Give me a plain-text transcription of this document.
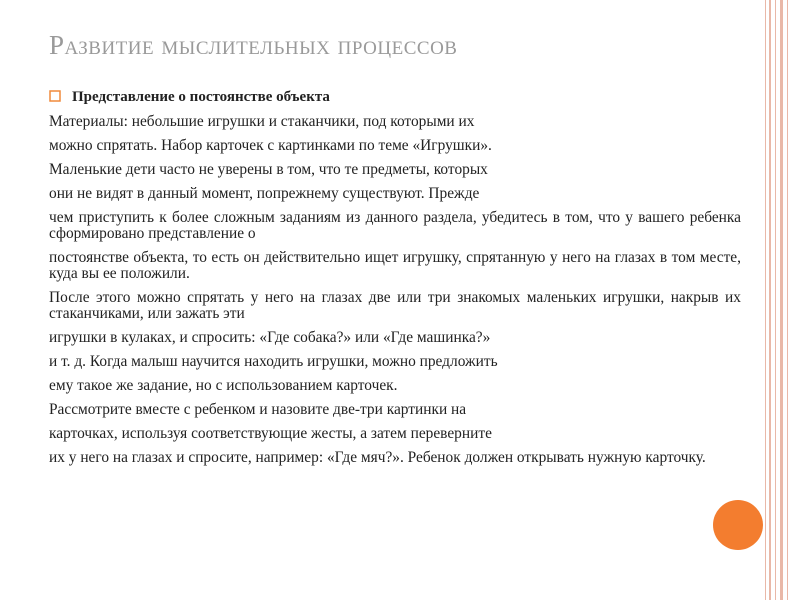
Развитие мыслительных процессов
Представление о постоянстве объекта
Материалы: небольшие игрушки и стаканчики, под которыми их
можно спрятать. Набор карточек с картинками по теме «Игрушки».
Маленькие дети часто не уверены в том, что те предметы, которых
они не видят в данный момент, попрежнему существуют. Прежде
чем приступить к более сложным заданиям из данного раздела, убедитесь в том, что у вашего ребенка сформировано представление о
постоянстве объекта, то есть он действительно ищет игрушку, спрятанную у него на глазах в том месте, куда вы ее положили.
После этого можно спрятать у него на глазах две или три знакомых маленьких игрушки, накрыв их стаканчиками, или зажать эти
игрушки в кулаках, и спросить: «Где собака?» или «Где машинка?»
и т. д. Когда малыш научится находить игрушки, можно предложить
ему такое же задание, но с использованием карточек.
Рассмотрите вместе с ребенком и назовите две-три картинки на
карточках, используя соответствующие жесты, а затем переверните
их у него на глазах и спросите, например: «Где мяч?». Ребенок должен открывать нужную карточку.
